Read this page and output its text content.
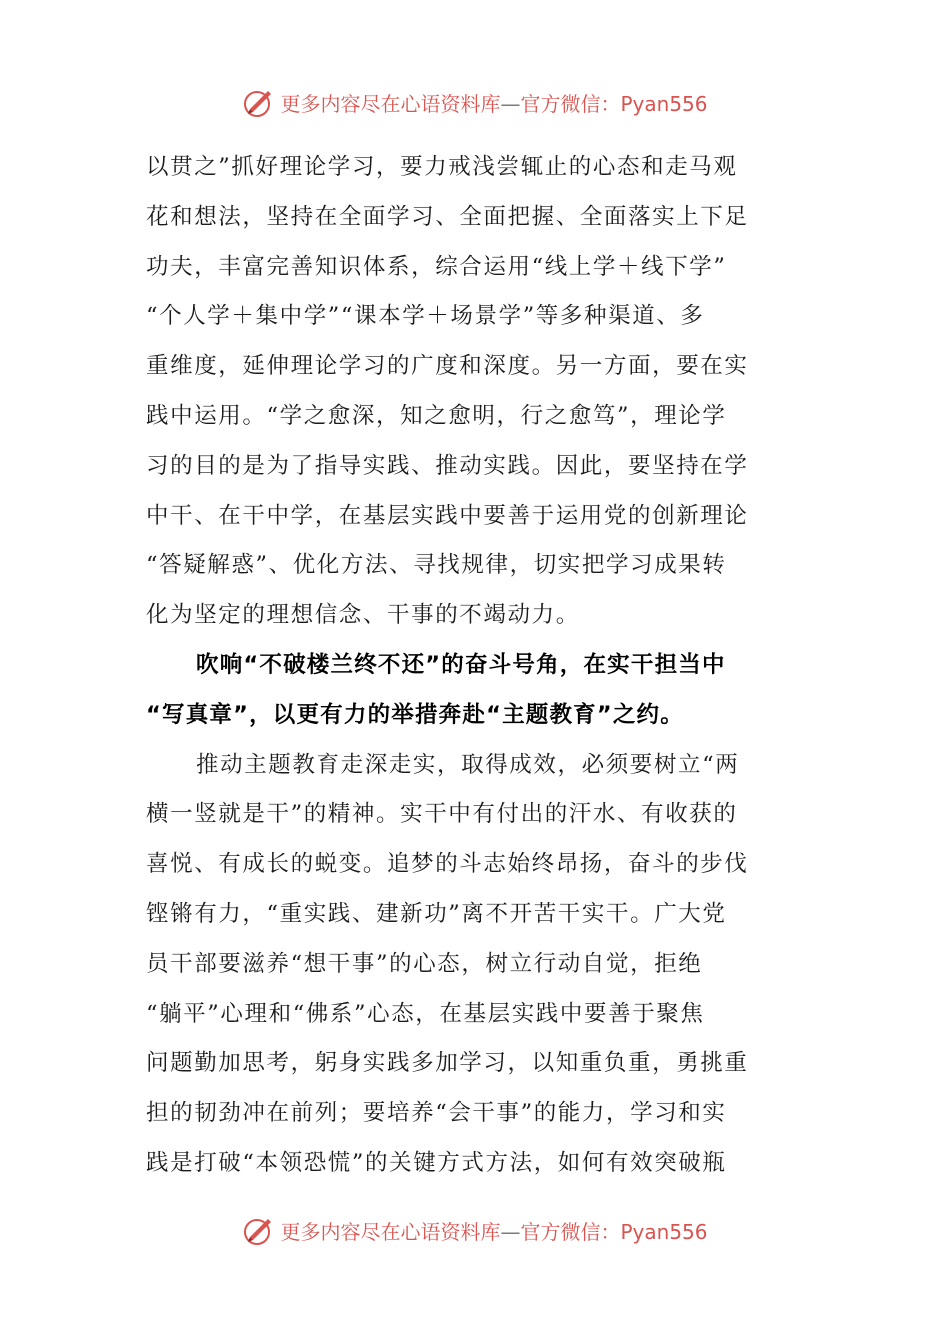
更多内容尽在心语资料库—官方微信：Pyan556
以贯之”抓好理论学习，要力戒浅尝辄止的心态和走马观
花和想法，坚持在全面学习、全面把握、全面落实上下足
功夫，丰富完善知识体系，综合运用“线上学＋线下学”
“个人学＋集中学”“课本学＋场景学”等多种渠道、多
重维度，延伸理论学习的广度和深度。另一方面，要在实
践中运用。“学之愈深，知之愈明，行之愈笃”，理论学
习的目的是为了指导实践、推动实践。因此，要坚持在学
中干、在干中学，在基层实践中要善于运用党的创新理论
“答疑解惑”、优化方法、寻找规律，切实把学习成果转
化为坚定的理想信念、干事的不竭动力。
吹响“不破楼兰终不还”的奋斗号角，在实干担当中
“写真章”，以更有力的举措奔赴“主题教育”之约。
推动主题教育走深走实，取得成效，必须要树立“两
横一竖就是干”的精神。实干中有付出的汗水、有收获的
喜悦、有成长的蜕变。追梦的斗志始终昂扬，奋斗的步伐
铿锵有力，“重实践、建新功”离不开苦干实干。广大党
员干部要滋养“想干事”的心态，树立行动自觉，拒绝
“躺平”心理和“佛系”心态，在基层实践中要善于聚焦
问题勤加思考，躬身实践多加学习，以知重负重，勇挑重
担的韧劲冲在前列；要培养“会干事”的能力，学习和实
践是打破“本领恐慌”的关键方式方法，如何有效突破瓶
更多内容尽在心语资料库—官方微信：Pyan556
